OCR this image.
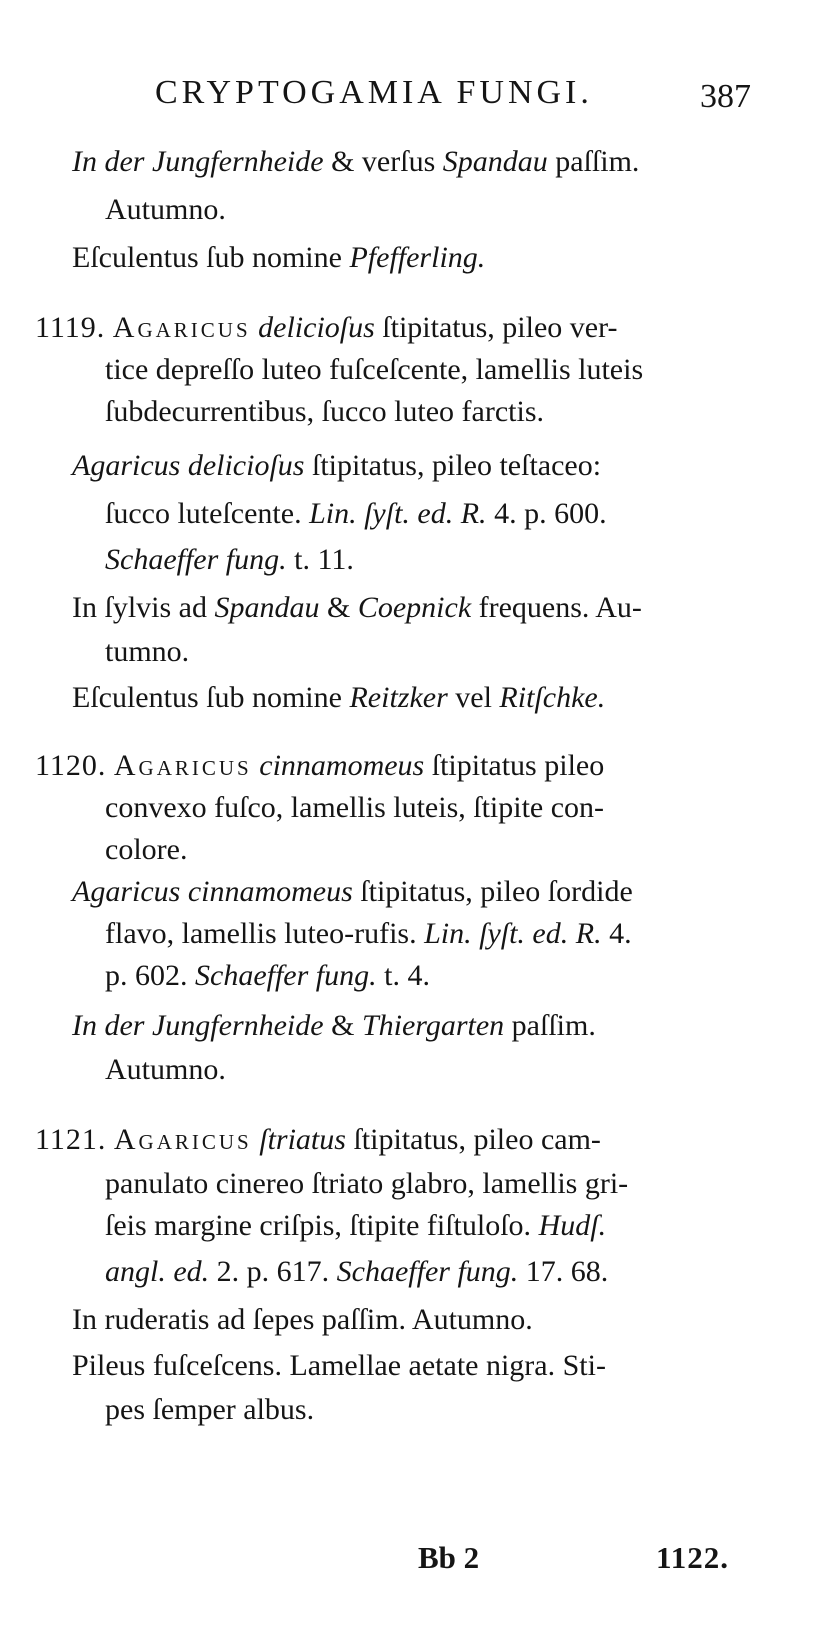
CRYPTOGAMIA FUNGI.	387
In der Jungfernheide & verſus Spandau paſſim.
Autumno.
Eſculentus ſub nomine Pfefferling.
1119. Agaricus delicioſus ſtipitatus, pileo ver-
tice depreſſo luteo fuſceſcente, lamellis luteis
ſubdecurrentibus, ſucco luteo farctis.
Agaricus delicioſus ſtipitatus, pileo teſtaceo:
ſucco luteſcente. Lin. ſyſt. ed. R. 4. p. 600.
Schaeffer fung. t. 11.
In ſylvis ad Spandau & Coepnick frequens. Au-
tumno.
Eſculentus ſub nomine Reitzker vel Ritſchke.
1120. Agaricus cinnamomeus ſtipitatus pileo
convexo fuſco, lamellis luteis, ſtipite con-
colore.
Agaricus cinnamomeus ſtipitatus, pileo ſordide
flavo, lamellis luteo-rufis. Lin. ſyſt. ed. R. 4.
p. 602. Schaeffer fung. t. 4.
In der Jungfernheide & Thiergarten paſſim.
Autumno.
1121. Agaricus ſtriatus ſtipitatus, pileo cam-
panulato cinereo ſtriato glabro, lamellis gri-
ſeis margine criſpis, ſtipite fiſtuloſo. Hudſ.
angl. ed. 2. p. 617. Schaeffer fung. 17. 68.
In ruderatis ad ſepes paſſim. Autumno.
Pileus fuſceſcens. Lamellae aetate nigra. Sti-
pes ſemper albus.
Bb 2	1122.
